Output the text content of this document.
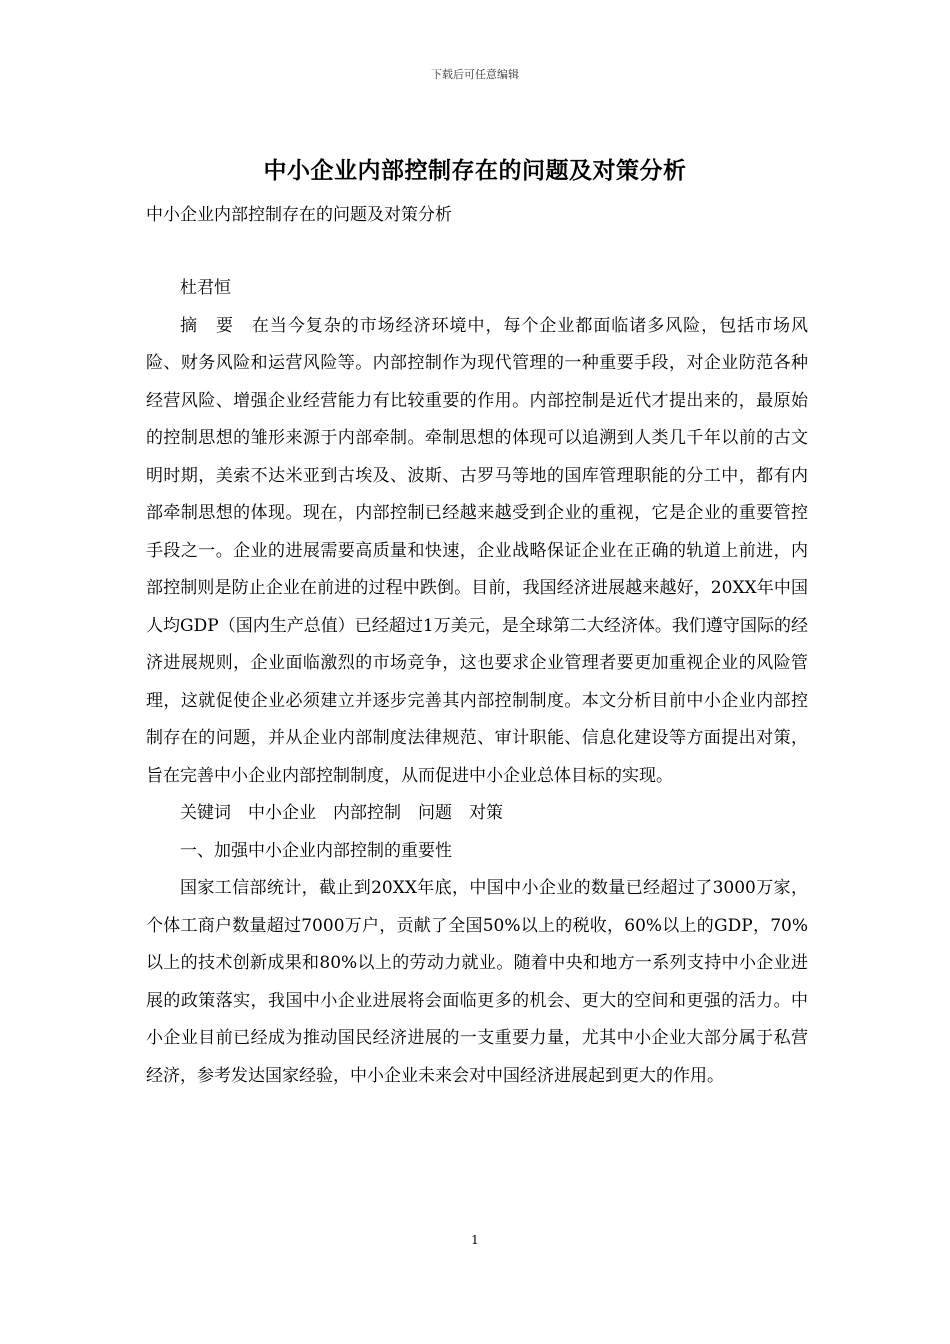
下载后可任意编辑
中小企业内部控制存在的问题及对策分析
中小企业内部控制存在的问题及对策分析

杜君恒

摘　要　在当今复杂的市场经济环境中，每个企业都面临诸多风险，包括市场风险、财务风险和运营风险等。内部控制作为现代管理的一种重要手段，对企业防范各种经营风险、增强企业经营能力有比较重要的作用。内部控制是近代才提出来的，最原始的控制思想的雏形来源于内部牵制。牵制思想的体现可以追溯到人类几千年以前的古文明时期，美索不达米亚到古埃及、波斯、古罗马等地的国库管理职能的分工中，都有内部牵制思想的体现。现在，内部控制已经越来越受到企业的重视，它是企业的重要管控手段之一。企业的进展需要高质量和快速，企业战略保证企业在正确的轨道上前进，内部控制则是防止企业在前进的过程中跌倒。目前，我国经济进展越来越好，20XX年中国人均GDP（国内生产总值）已经超过1万美元，是全球第二大经济体。我们遵守国际的经济进展规则，企业面临激烈的市场竞争，这也要求企业管理者要更加重视企业的风险管理，这就促使企业必须建立并逐步完善其内部控制制度。本文分析目前中小企业内部控制存在的问题，并从企业内部制度法律规范、审计职能、信息化建设等方面提出对策，旨在完善中小企业内部控制制度，从而促进中小企业总体目标的实现。

关键词　中小企业　内部控制　问题　对策

一、加强中小企业内部控制的重要性

国家工信部统计，截止到20XX年底，中国中小企业的数量已经超过了3000万家，个体工商户数量超过7000万户，贡献了全国50%以上的税收，60%以上的GDP，70%以上的技术创新成果和80%以上的劳动力就业。随着中央和地方一系列支持中小企业进展的政策落实，我国中小企业进展将会面临更多的机会、更大的空间和更强的活力。中小企业目前已经成为推动国民经济进展的一支重要力量，尤其中小企业大部分属于私营经济，参考发达国家经验，中小企业未来会对中国经济进展起到更大的作用。

1
